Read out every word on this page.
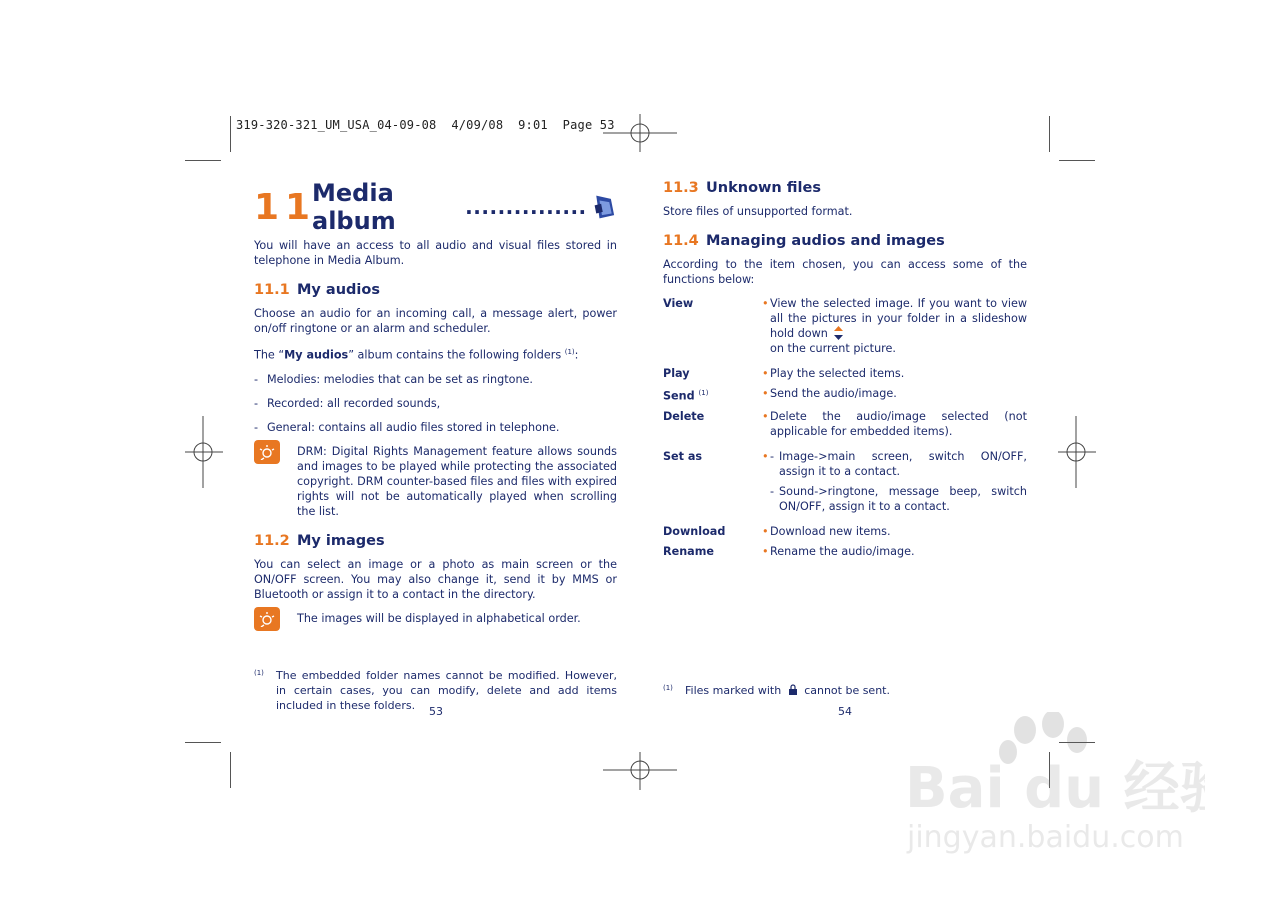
319-320-321_UM_USA_04-09-08  4/09/08  9:01  Page 53
11
Media album	...............

You will have an access to all audio and visual files stored in telephone in Media Album.

11.1 My audios

Choose an audio for an incoming call, a message alert, power on/off ringtone or an alarm and scheduler.

The “My audios” album contains the following folders $^{(1)}$:

- Melodies: melodies that can be set as ringtone.
- Recorded: all recorded sounds,
- General: contains all audio files stored in telephone.

DRM: Digital Rights Management feature allows sounds and images to be played while protecting the associated copyright. DRM counter-based files and files with expired rights will not be automatically played when scrolling the list.

11.2 My images

You can select an image or a photo as main screen or the ON/OFF screen. You may also change it, send it by MMS or Bluetooth or assign it to a contact in the directory.

The images will be displayed in alphabetical order.

(1)	The embedded folder names cannot be modified. However, in certain cases, you can modify, delete and add items included in these folders.	53
11.3 Unknown files

Store files of unsupported format.

11.4 Managing audios and images

According to the item chosen, you can access some of the functions below:

View	• View the selected image. If you want to view all the pictures in your folder in a slideshow hold down
on the current picture.
Play	• Play the selected items.
Send $^{(1)}$	• Send the audio/image.
Delete	• Delete the audio/image selected (not applicable for embedded items).
Set as	• - Image->main screen, switch ON/OFF, assign it to a contact.
- Sound->ringtone, message beep, switch ON/OFF, assign it to a contact.
Download	• Download new items.
Rename	• Rename the audio/image.
(1)	Files marked with cannot be sent.
54
Bai du 经验
jingyan.baidu.com
